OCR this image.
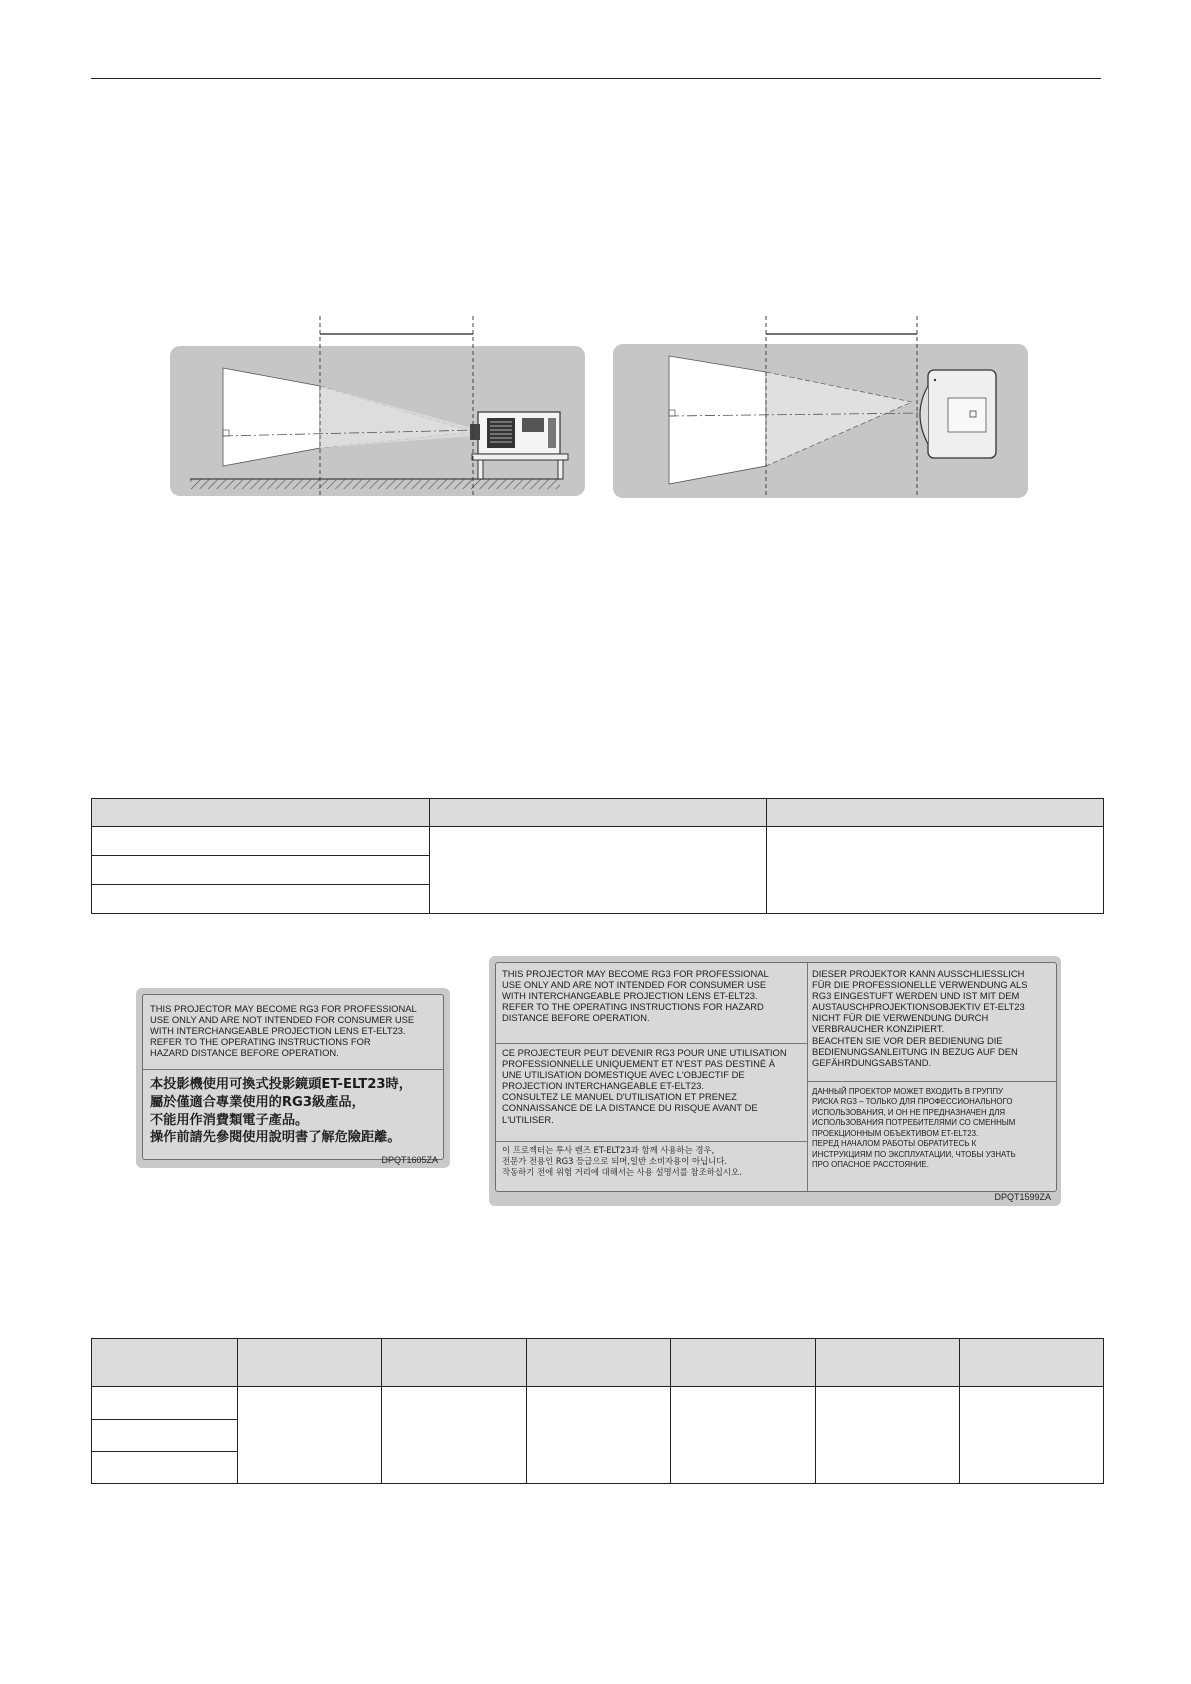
THIS PROJECTOR MAY BECOME RG3 FOR PROFESSIONAL
USE ONLY AND ARE NOT INTENDED FOR CONSUMER USE
WITH INTERCHANGEABLE PROJECTION LENS ET-ELT23.
REFER TO THE OPERATING INSTRUCTIONS FOR
HAZARD DISTANCE BEFORE OPERATION.
本投影機使用可換式投影鏡頭ET-ELT23時，
屬於僅適合專業使用的RG3級產品，
不能用作消費類電子產品。
操作前請先參閱使用說明書了解危險距離。
DPQT1605ZA
THIS PROJECTOR MAY BECOME RG3 FOR PROFESSIONAL
USE ONLY AND ARE NOT INTENDED FOR CONSUMER USE
WITH INTERCHANGEABLE PROJECTION LENS ET-ELT23.
REFER TO THE OPERATING INSTRUCTIONS FOR HAZARD
DISTANCE BEFORE OPERATION.
CE PROJECTEUR PEUT DEVENIR RG3 POUR UNE UTILISATION
PROFESSIONNELLE UNIQUEMENT ET N'EST PAS DESTINÉ À
UNE UTILISATION DOMESTIQUE AVEC L'OBJECTIF DE
PROJECTION INTERCHANGEABLE ET-ELT23.
CONSULTEZ LE MANUEL D'UTILISATION ET PRENEZ
CONNAISSANCE DE LA DISTANCE DU RISQUE AVANT DE
L'UTILISER.
이 프로젝터는 투사 렌즈 ET-ELT23과 함께 사용하는 경우,
전문가 전용인 RG3 등급으로 되며,일반 소비자용이 아닙니다.
작동하기 전에 위험 거리에 대해서는 사용 설명서를 참조하십시오.
DIESER PROJEKTOR KANN AUSSCHLIESSLICH
FÜR DIE PROFESSIONELLE VERWENDUNG ALS
RG3 EINGESTUFT WERDEN UND IST MIT DEM
AUSTAUSCHPROJEKTIONSOBJEKTIV ET-ELT23
NICHT FÜR DIE VERWENDUNG DURCH
VERBRAUCHER KONZIPIERT.
BEACHTEN SIE VOR DER BEDIENUNG DIE
BEDIENUNGSANLEITUNG IN BEZUG AUF DEN
GEFÄHRDUNGSABSTAND.
ДАННЫЙ ПРОЕКТОР МОЖЕТ ВХОДИТЬ В ГРУППУ
РИСКА RG3 – ТОЛЬКО ДЛЯ ПРОФЕССИОНАЛЬНОГО
ИСПОЛЬЗОВАНИЯ, И ОН НЕ ПРЕДНАЗНАЧЕН ДЛЯ
ИСПОЛЬЗОВАНИЯ ПОТРЕБИТЕЛЯМИ СО СМЕННЫМ
ПРОЕКЦИОННЫМ ОБЪЕКТИВОМ ET-ELT23.
ПЕРЕД НАЧАЛОМ РАБОТЫ ОБРАТИТЕСЬ К
ИНСТРУКЦИЯМ ПО ЭКСПЛУАТАЦИИ, ЧТОБЫ УЗНАТЬ
ПРО ОПАСНОЕ РАССТОЯНИЕ.
DPQT1599ZA
